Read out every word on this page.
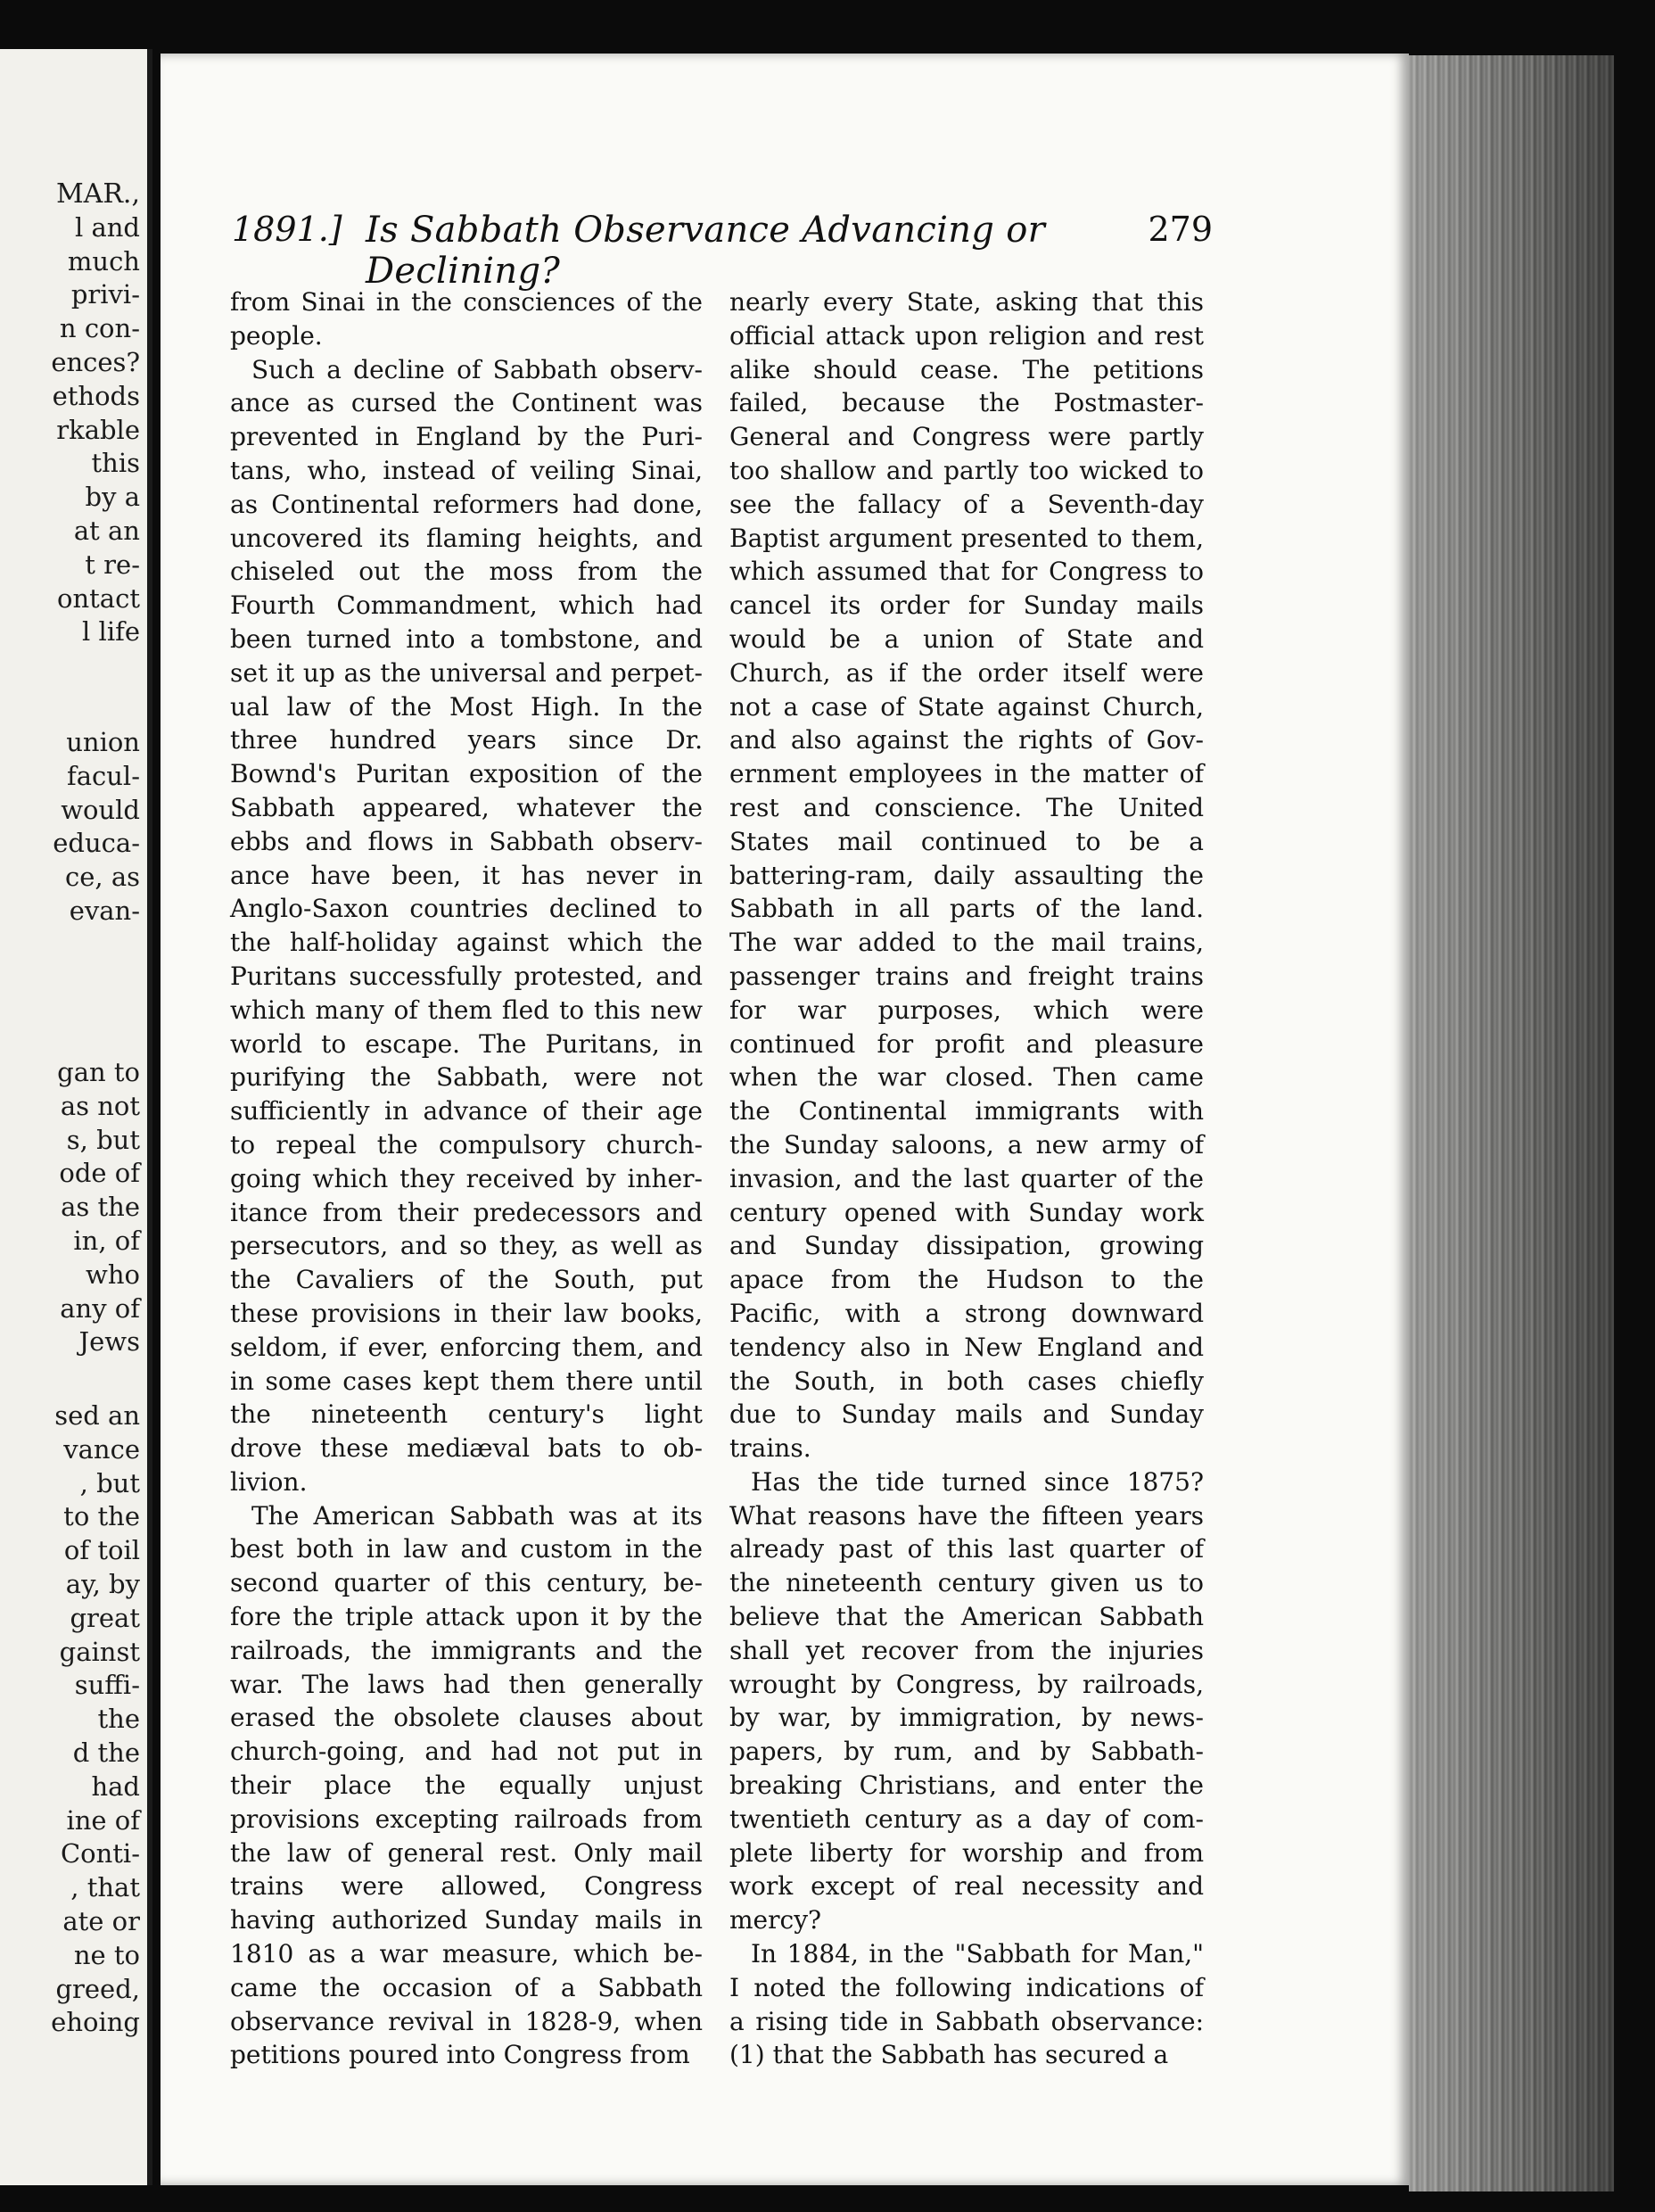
MAR.,
l and
much
privi-
n con-
ences?
ethods
rkable
this
by a
at an
t re-
ontact
l life
union
facul-
would
educa-
ce, as
evan-
gan to
as not
s, but
ode of
as the
in, of
who
any of
Jews
sed an
vance
, but
to the
of toil
ay, by
great
gainst
suffi-
the
d the
had
ine of
Conti-
, that
ate or
ne to
greed,
ehoing
1891.] Is Sabbath Observance Advancing or Declining?
279
from Sinai in the consciences of the
people.
Such a decline of Sabbath observ-
ance as cursed the Continent was
prevented in England by the Puri-
tans, who, instead of veiling Sinai,
as Continental reformers had done,
uncovered its flaming heights, and
chiseled out the moss from the
Fourth Commandment, which had
been turned into a tombstone, and
set it up as the universal and perpet-
ual law of the Most High. In the
three hundred years since Dr.
Bownd's Puritan exposition of the
Sabbath appeared, whatever the
ebbs and flows in Sabbath observ-
ance have been, it has never in
Anglo-Saxon countries declined to
the half-holiday against which the
Puritans successfully protested, and
which many of them fled to this new
world to escape. The Puritans, in
purifying the Sabbath, were not
sufficiently in advance of their age
to repeal the compulsory church-
going which they received by inher-
itance from their predecessors and
persecutors, and so they, as well as
the Cavaliers of the South, put
these provisions in their law books,
seldom, if ever, enforcing them, and
in some cases kept them there until
the nineteenth century's light
drove these mediæval bats to ob-
livion.
The American Sabbath was at its
best both in law and custom in the
second quarter of this century, be-
fore the triple attack upon it by the
railroads, the immigrants and the
war. The laws had then generally
erased the obsolete clauses about
church-going, and had not put in
their place the equally unjust
provisions excepting railroads from
the law of general rest. Only mail
trains were allowed, Congress
having authorized Sunday mails in
1810 as a war measure, which be-
came the occasion of a Sabbath
observance revival in 1828-9, when
petitions poured into Congress from
nearly every State, asking that this
official attack upon religion and rest
alike should cease. The petitions
failed, because the Postmaster-
General and Congress were partly
too shallow and partly too wicked to
see the fallacy of a Seventh-day
Baptist argument presented to them,
which assumed that for Congress to
cancel its order for Sunday mails
would be a union of State and
Church, as if the order itself were
not a case of State against Church,
and also against the rights of Gov-
ernment employees in the matter of
rest and conscience. The United
States mail continued to be a
battering-ram, daily assaulting the
Sabbath in all parts of the land.
The war added to the mail trains,
passenger trains and freight trains
for war purposes, which were
continued for profit and pleasure
when the war closed. Then came
the Continental immigrants with
the Sunday saloons, a new army of
invasion, and the last quarter of the
century opened with Sunday work
and Sunday dissipation, growing
apace from the Hudson to the
Pacific, with a strong downward
tendency also in New England and
the South, in both cases chiefly
due to Sunday mails and Sunday
trains.
Has the tide turned since 1875?
What reasons have the fifteen years
already past of this last quarter of
the nineteenth century given us to
believe that the American Sabbath
shall yet recover from the injuries
wrought by Congress, by railroads,
by war, by immigration, by news-
papers, by rum, and by Sabbath-
breaking Christians, and enter the
twentieth century as a day of com-
plete liberty for worship and from
work except of real necessity and
mercy?
In 1884, in the "Sabbath for Man,"
I noted the following indications of
a rising tide in Sabbath observance:
(1) that the Sabbath has secured a
